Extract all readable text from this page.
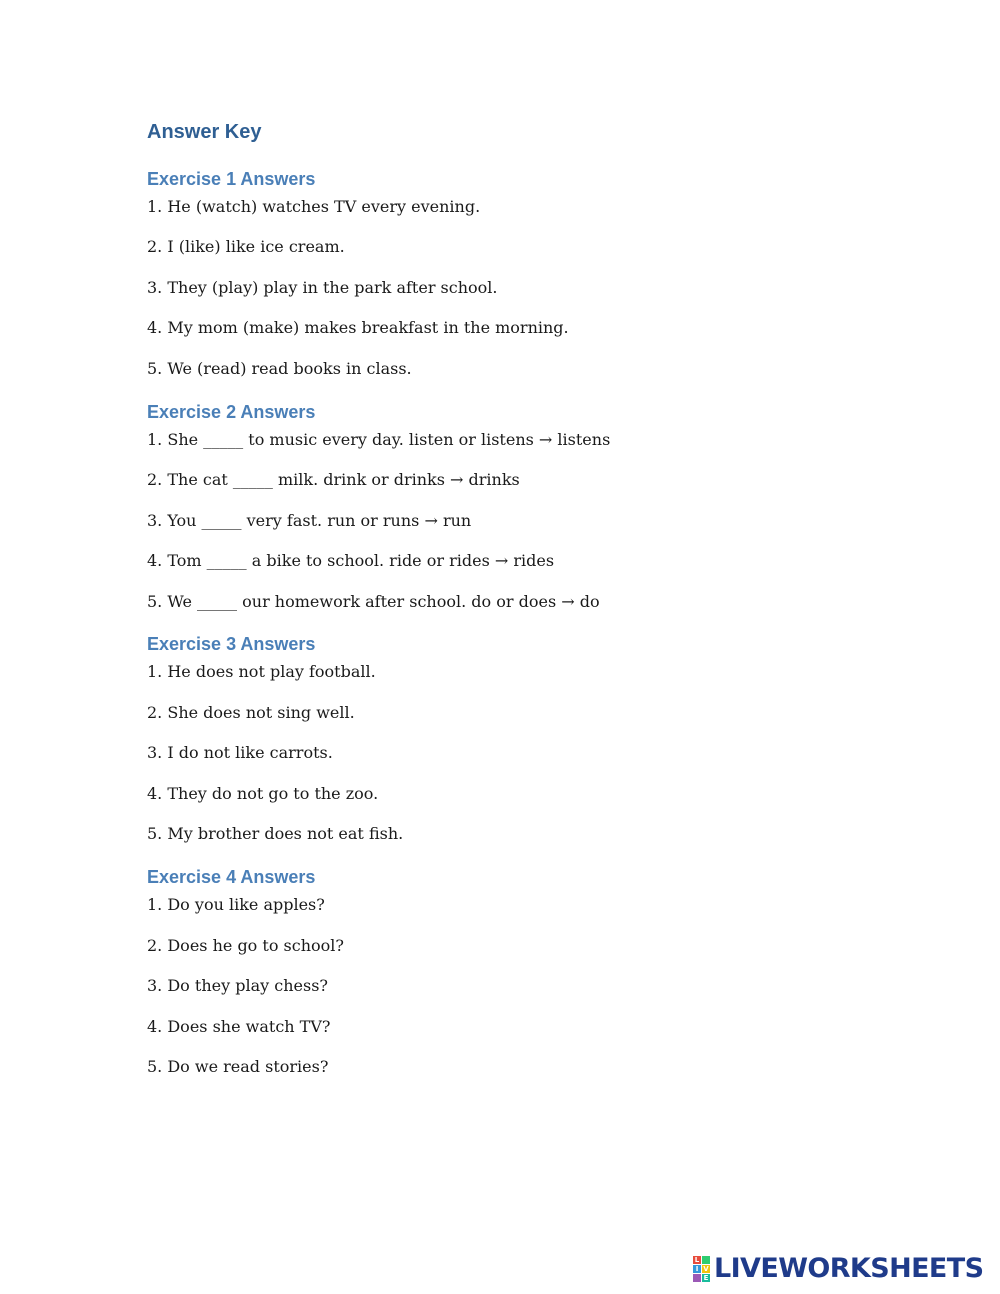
Answer Key
Exercise 1 Answers

1. He (watch) watches TV every evening.

2. I (like) like ice cream.

3. They (play) play in the park after school.

4. My mom (make) makes breakfast in the morning.

5. We (read) read books in class.

Exercise 2 Answers

1. She _____ to music every day. listen or listens → listens

2. The cat _____ milk. drink or drinks → drinks

3. You _____ very fast. run or runs → run

4. Tom _____ a bike to school. ride or rides → rides

5. We _____ our homework after school. do or does → do

Exercise 3 Answers

1. He does not play football.

2. She does not sing well.

3. I do not like carrots.

4. They do not go to the zoo.

5. My brother does not eat fish.

Exercise 4 Answers

1. Do you like apples?

2. Does he go to school?

3. Do they play chess?

4. Does she watch TV?

5. Do we read stories?

L
I V
E LIVEWORKSHEETS
